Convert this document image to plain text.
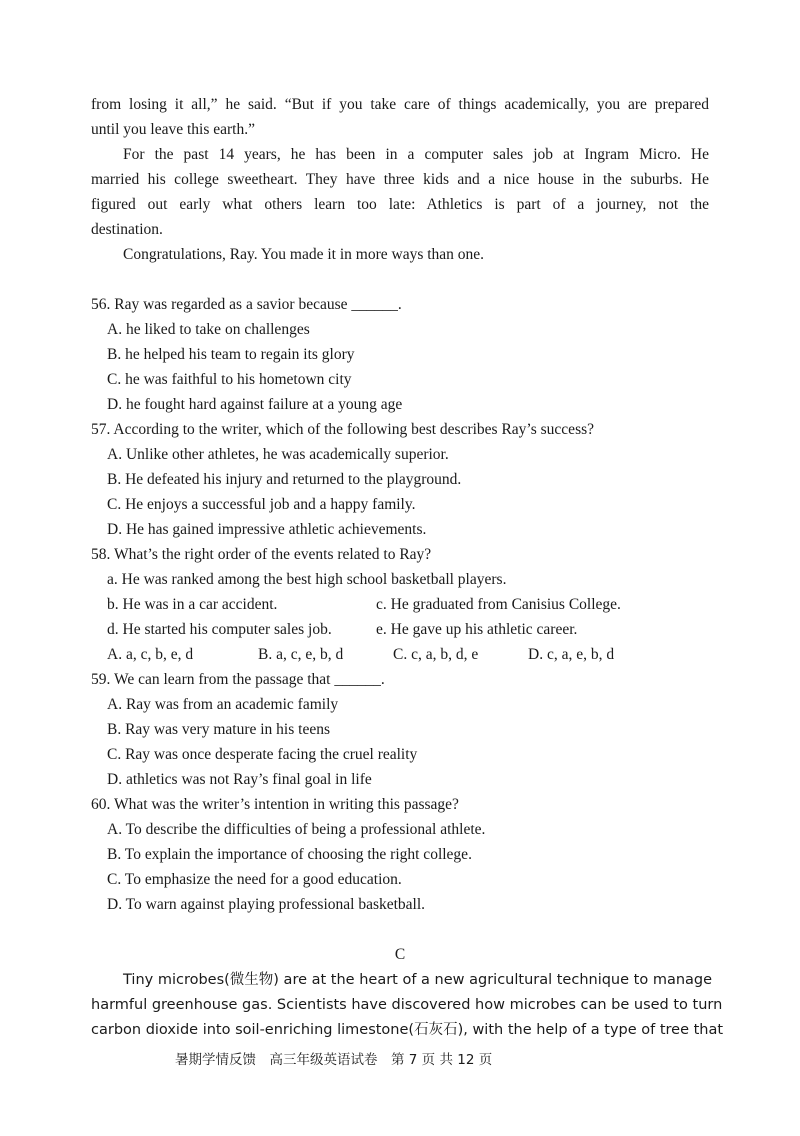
from losing it all,” he said. “But if you take care of things academically, you are prepared
until you leave this earth.”
For the past 14 years, he has been in a computer sales job at Ingram Micro. He
married his college sweetheart. They have three kids and a nice house in the suburbs. He
figured out early what others learn too late: Athletics is part of a journey, not the
destination.
Congratulations, Ray. You made it in more ways than one.
56. Ray was regarded as a savior because ______.
A. he liked to take on challenges
B. he helped his team to regain its glory
C. he was faithful to his hometown city
D. he fought hard against failure at a young age
57. According to the writer, which of the following best describes Ray’s success?
A. Unlike other athletes, he was academically superior.
B. He defeated his injury and returned to the playground.
C. He enjoys a successful job and a happy family.
D. He has gained impressive athletic achievements.
58. What’s the right order of the events related to Ray?
a. He was ranked among the best high school basketball players.
b. He was in a car accident.	c. He graduated from Canisius College.
d. He started his computer sales job.	e. He gave up his athletic career.
A. a, c, b, e, d	B. a, c, e, b, d	C. c, a, b, d, e	D. c, a, e, b, d
59. We can learn from the passage that ______.
A. Ray was from an academic family
B. Ray was very mature in his teens
C. Ray was once desperate facing the cruel reality
D. athletics was not Ray’s final goal in life
60. What was the writer’s intention in writing this passage?
A. To describe the difficulties of being a professional athlete.
B. To explain the importance of choosing the right college.
C. To emphasize the need for a good education.
D. To warn against playing professional basketball.
C
Tiny microbes(微生物) are at the heart of a new agricultural technique to manage
harmful greenhouse gas. Scientists have discovered how microbes can be used to turn
carbon dioxide into soil-enriching limestone(石灰石), with the help of a type of tree that
暑期学情反馈　高三年级英语试卷　第 7 页 共 12 页
